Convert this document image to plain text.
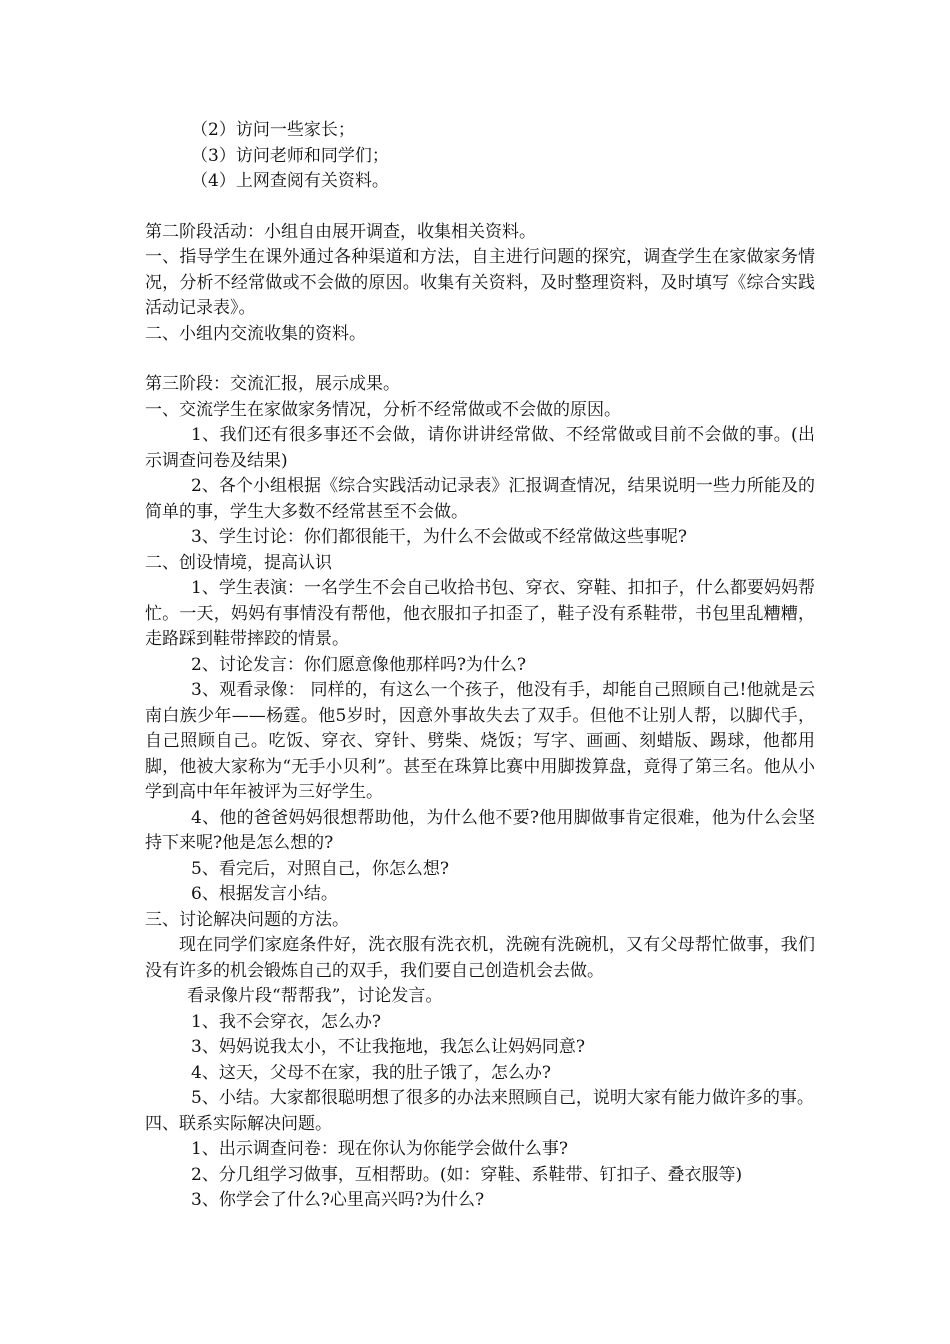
（2）访问一些家长；

（3）访问老师和同学们；

（4）上网查阅有关资料。

第二阶段活动：小组自由展开调查，收集相关资料。

一、指导学生在课外通过各种渠道和方法，自主进行问题的探究，调查学生在家做家务情况，分析不经常做或不会做的原因。收集有关资料，及时整理资料，及时填写《综合实践活动记录表》。

二、小组内交流收集的资料。

第三阶段：交流汇报，展示成果。

一、交流学生在家做家务情况，分析不经常做或不会做的原因。

1、我们还有很多事还不会做，请你讲讲经常做、不经常做或目前不会做的事。(出示调查问卷及结果)

2、各个小组根据《综合实践活动记录表》汇报调查情况，结果说明一些力所能及的简单的事，学生大多数不经常甚至不会做。

3、学生讨论：你们都很能干，为什么不会做或不经常做这些事呢?

二、创设情境，提高认识

1、学生表演：一名学生不会自己收拾书包、穿衣、穿鞋、扣扣子，什么都要妈妈帮忙。一天，妈妈有事情没有帮他，他衣服扣子扣歪了，鞋子没有系鞋带，书包里乱糟糟，走路踩到鞋带摔跤的情景。

2、讨论发言：你们愿意像他那样吗?为什么?

3、观看录像： 同样的，有这么一个孩子，他没有手，却能自己照顾自己!他就是云南白族少年——杨霆。他5岁时，因意外事故失去了双手。但他不让别人帮，以脚代手，自己照顾自己。吃饭、穿衣、穿针、劈柴、烧饭；写字、画画、刻蜡版、踢球，他都用脚，他被大家称为“无手小贝利”。甚至在珠算比赛中用脚拨算盘，竟得了第三名。他从小学到高中年年被评为三好学生。

4、他的爸爸妈妈很想帮助他，为什么他不要?他用脚做事肯定很难，他为什么会坚持下来呢?他是怎么想的?

5、看完后，对照自己，你怎么想?

6、根据发言小结。

三、讨论解决问题的方法。

现在同学们家庭条件好，洗衣服有洗衣机，洗碗有洗碗机，又有父母帮忙做事，我们没有许多的机会锻炼自己的双手，我们要自己创造机会去做。

看录像片段“帮帮我”，讨论发言。

1、我不会穿衣，怎么办?

3、妈妈说我太小，不让我拖地，我怎么让妈妈同意?

4、这天，父母不在家，我的肚子饿了，怎么办?

5、小结。大家都很聪明想了很多的办法来照顾自己，说明大家有能力做许多的事。

四、联系实际解决问题。

1、出示调查问卷：现在你认为你能学会做什么事?

2、分几组学习做事，互相帮助。(如：穿鞋、系鞋带、钉扣子、叠衣服等)

3、你学会了什么?心里高兴吗?为什么?
